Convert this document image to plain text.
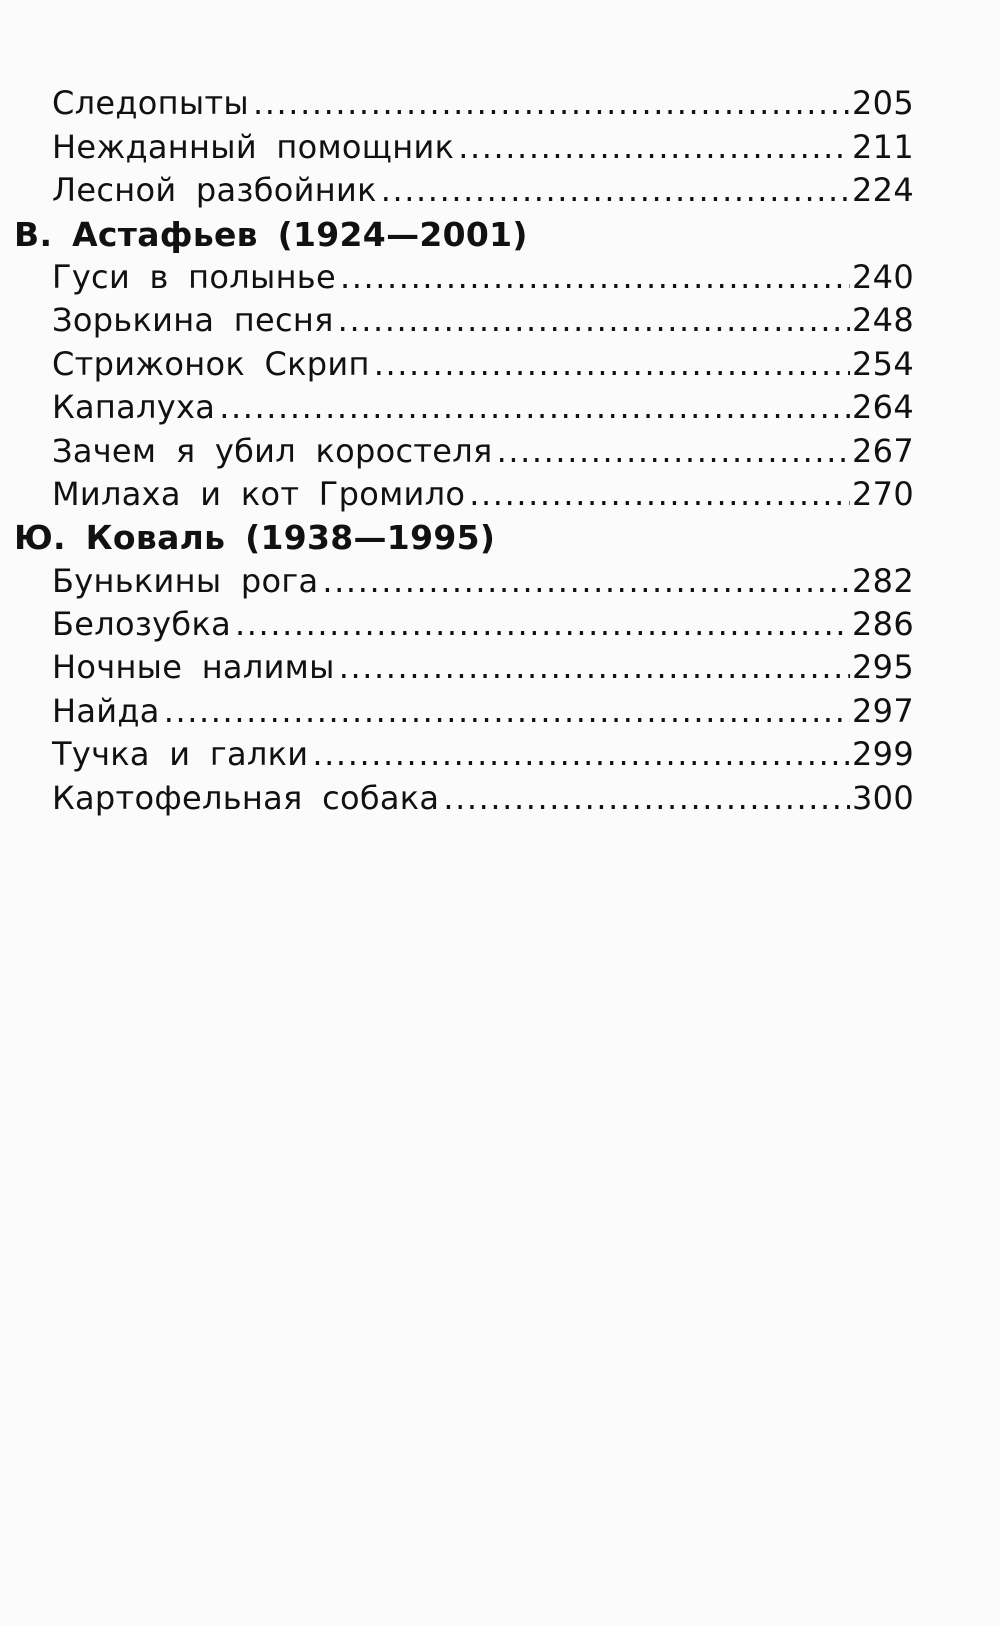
Следопыты .....	205
Нежданный помощник .....	211
Лесной разбойник .....	224
В. Астафьев (1924—2001)
Гуси в полынье .....	240
Зорькина песня .....	248
Стрижонок Скрип .....	254
Капалуха .....	264
Зачем я убил коростеля .....	267
Милаха и кот Громило .....	270
Ю. Коваль (1938—1995)
Бунькины рога .....	282
Белозубка .....	286
Ночные налимы .....	295
Найда .....	297
Тучка и галки .....	299
Картофельная собака .....	300
